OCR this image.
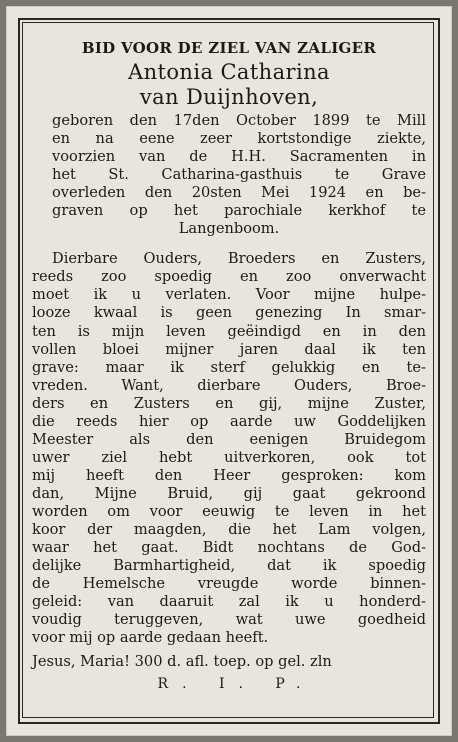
BID VOOR DE ZIEL VAN ZALIGER
Antonia Catharina
van Duijnhoven,
geboren den 17den October 1899 te Mill
en na eene zeer kortstondige ziekte,
voorzien van de H.H. Sacramenten in
het St. Catharina-gasthuis te Grave
overleden den 20sten Mei 1924 en be-
graven op het parochiale kerkhof te
Langenboom.
Dierbare Ouders, Broeders en Zusters,
reeds zoo spoedig en zoo onverwacht
moet ik u verlaten. Voor mijne hulpe-
looze kwaal is geen genezing In smar-
ten is mijn leven geëindigd en in den
vollen bloei mijner jaren daal ik ten
grave: maar ik sterf gelukkig en te-
vreden. Want, dierbare Ouders, Broe-
ders en Zusters en gij, mijne Zuster,
die reeds hier op aarde uw Goddelijken
Meester als den eenigen Bruidegom
uwer ziel hebt uitverkoren, ook tot
mij heeft den Heer gesproken: kom
dan, Mijne Bruid, gij gaat gekroond
worden om voor eeuwig te leven in het
koor der maagden, die het Lam volgen,
waar het gaat. Bidt nochtans de God-
delijke Barmhartigheid, dat ik spoedig
de Hemelsche vreugde worde binnen-
geleid: van daaruit zal ik u honderd-
voudig teruggeven, wat uwe goedheid
voor mij op aarde gedaan heeft.
Jesus, Maria! 300 d. afl. toep. op gel. zln
R. I. P.
